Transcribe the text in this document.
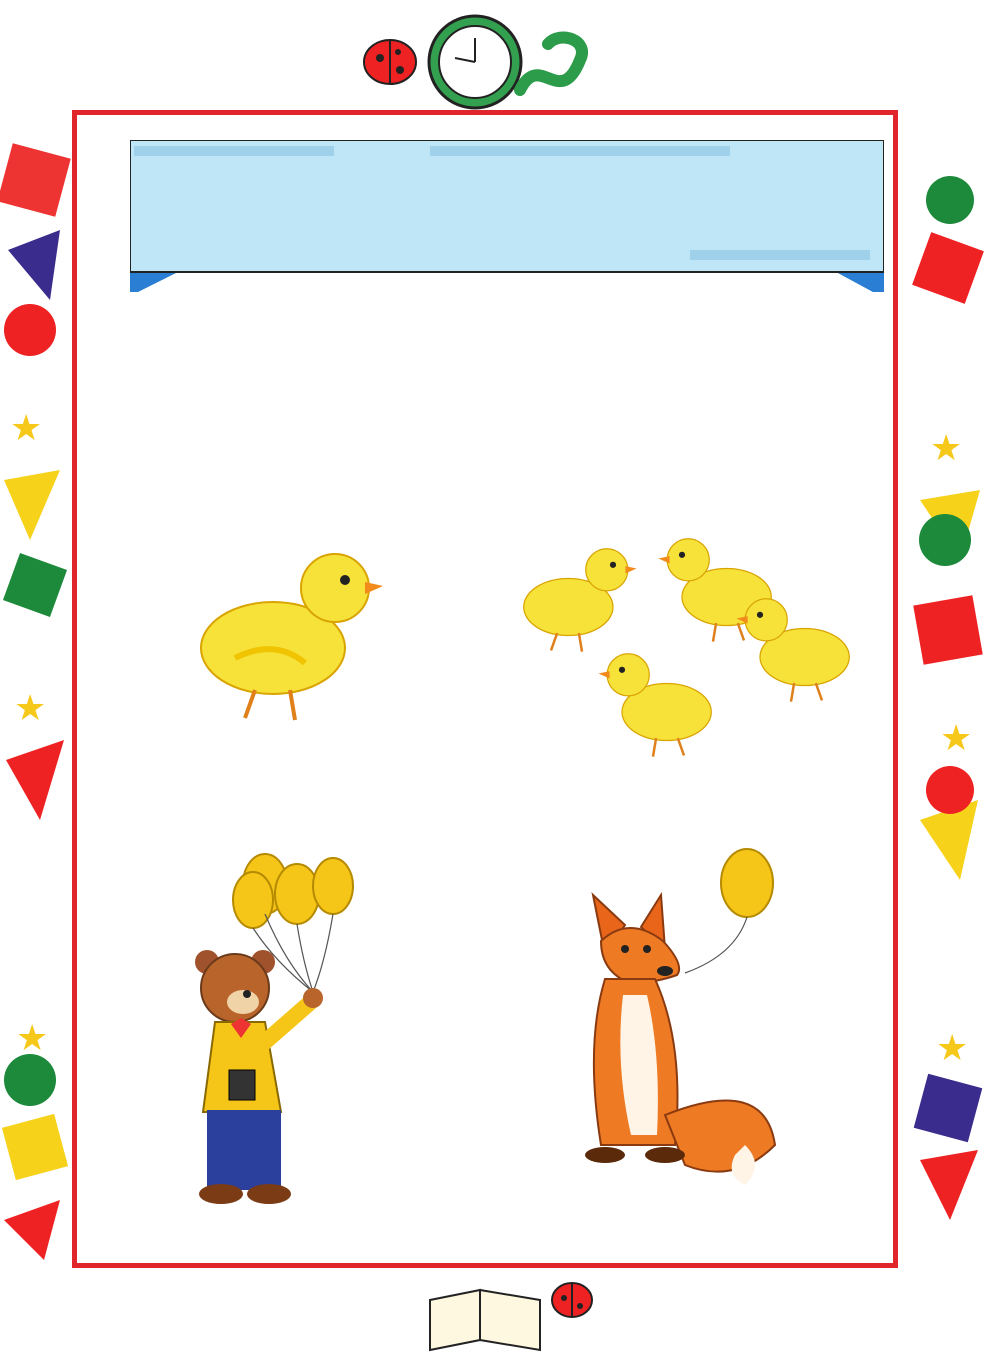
★	★
★
★
★	★
